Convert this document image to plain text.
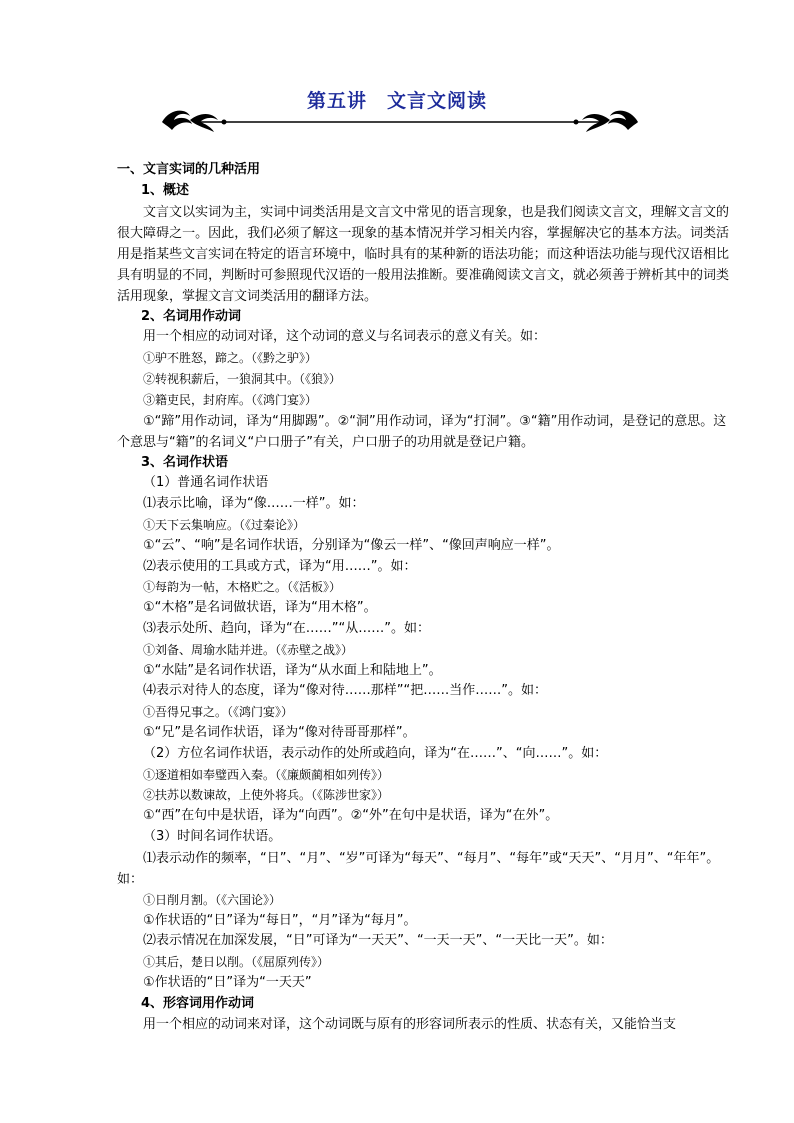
第五讲　文言文阅读
一、文言实词的几种活用
1、概述
文言文以实词为主，实词中词类活用是文言文中常见的语言现象，也是我们阅读文言文，理解文言文的很大障碍之一。因此，我们必须了解这一现象的基本情况并学习相关内容，掌握解决它的基本方法。词类活用是指某些文言实词在特定的语言环境中，临时具有的某种新的语法功能；而这种语法功能与现代汉语相比具有明显的不同，判断时可参照现代汉语的一般用法推断。要准确阅读文言文，就必须善于辨析其中的词类活用现象，掌握文言文词类活用的翻译方法。
2、名词用作动词
用一个相应的动词对译，这个动词的意义与名词表示的意义有关。如：
①驴不胜怒，蹄之。（《黔之驴》）
②转视积薪后，一狼洞其中。（《狼》）
③籍吏民，封府库。（《鸿门宴》）
①“蹄”用作动词，译为“用脚踢”。②“洞”用作动词，译为“打洞”。③“籍”用作动词，是登记的意思。这个意思与“籍”的名词义“户口册子”有关，户口册子的功用就是登记户籍。
3、名词作状语
（1）普通名词作状语
⑴表示比喻，译为“像……一样”。如：
①天下云集响应。（《过秦论》）
①“云”、“响”是名词作状语，分别译为“像云一样”、“像回声响应一样”。
⑵表示使用的工具或方式，译为“用……”。如：
①每韵为一帖，木格贮之。（《活板》）
①“木格”是名词做状语，译为“用木格”。
⑶表示处所、趋向，译为“在……”“从……”。如：
①刘备、周瑜水陆并进。（《赤壁之战》）
①“水陆”是名词作状语，译为“从水面上和陆地上”。
⑷表示对待人的态度，译为“像对待……那样”“把……当作……”。如：
①吾得兄事之。（《鸿门宴》）
①“兄”是名词作状语，译为“像对待哥哥那样”。
（2）方位名词作状语，表示动作的处所或趋向，译为“在……”、“向……”。如：
①逐道相如奉璧西入秦。（《廉颇蔺相如列传》）
②扶苏以数谏故，上使外将兵。（《陈涉世家》）
①“西”在句中是状语，译为“向西”。②“外”在句中是状语，译为“在外”。
（3）时间名词作状语。
⑴表示动作的频率，“日”、“月”、“岁”可译为“每天”、“每月”、“每年”或“天天”、“月月”、“年年”。如：
①日削月割。（《六国论》）
①作状语的“日”译为“每日”，“月”译为“每月”。
⑵表示情况在加深发展，“日”可译为“一天天”、“一天一天”、“一天比一天”。如：
①其后，楚日以削。（《屈原列传》）
①作状语的“日”译为“一天天”
4、形容词用作动词
用一个相应的动词来对译，这个动词既与原有的形容词所表示的性质、状态有关，又能恰当支
